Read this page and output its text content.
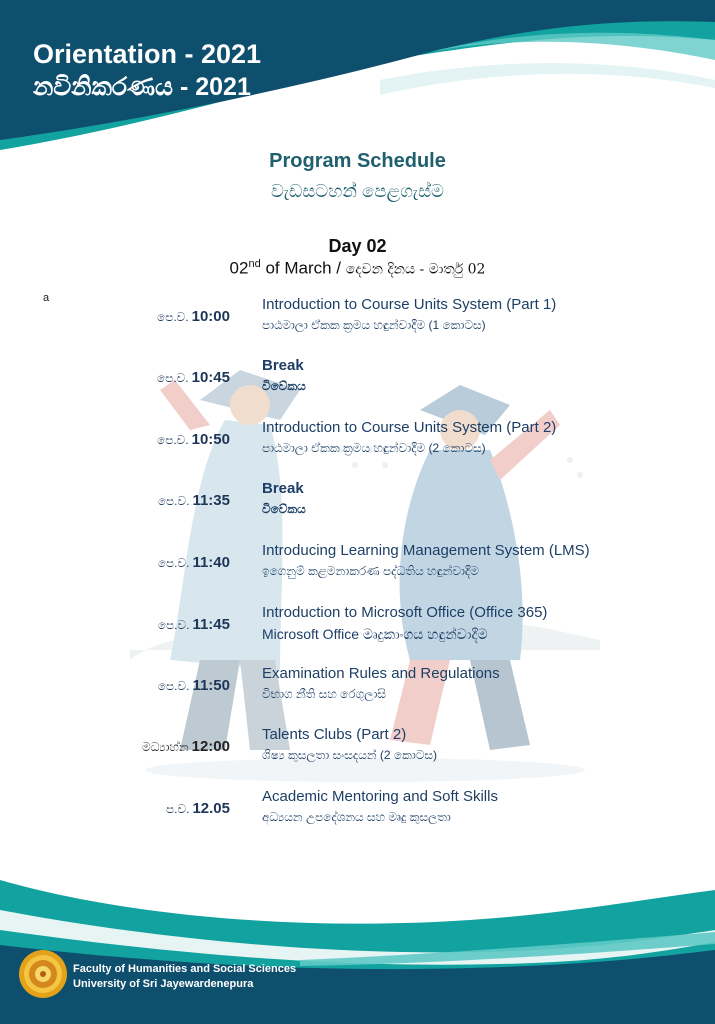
Orientation - 2021
නවිනිකරණය - 2021
Program Schedule
වැඩසටහන් පෙළගැස්ම
Day 02
02nd of March / දෙවන දිනය - මාර්තු 02
a
පෙ.ව. 10:00
Introduction to Course Units System (Part 1)
පාඨමාලා ඒකක ක්‍රමය හඳුන්වාදීම (1 කොටස)
පෙ.ව. 10:45
Break
විවේකය
පෙ.ව. 10:50
Introduction to Course Units System (Part 2)
පාඨමාලා ඒකක ක්‍රමය හඳුන්වාදීම (2 කොටස)
පෙ.ව. 11:35
Break
විවේකය
පෙ.ව. 11:40
Introducing Learning Management System (LMS)
ඉගෙනුම් කළමනාකරණ පද්ධතිය හඳුන්වාදීම
පෙ.ව. 11:45
Introduction to Microsoft Office (Office 365)
Microsoft Office මෘදුකාංගය හඳුන්වාදීම
පෙ.ව. 11:50
Examination Rules and Regulations
විභාග නීති සහ රෙගුලාසි
මධ්‍යාහ්න 12:00
Talents Clubs (Part 2)
ශිෂ්‍ය කුසලතා සංසදයන් (2 කොටස)
ප.ව. 12.05
Academic Mentoring and Soft Skills
අධ්‍යයන උපදේශනය සහ මෘදු කුසලතා
Faculty of Humanities and Social Sciences
University of Sri Jayewardenepura
